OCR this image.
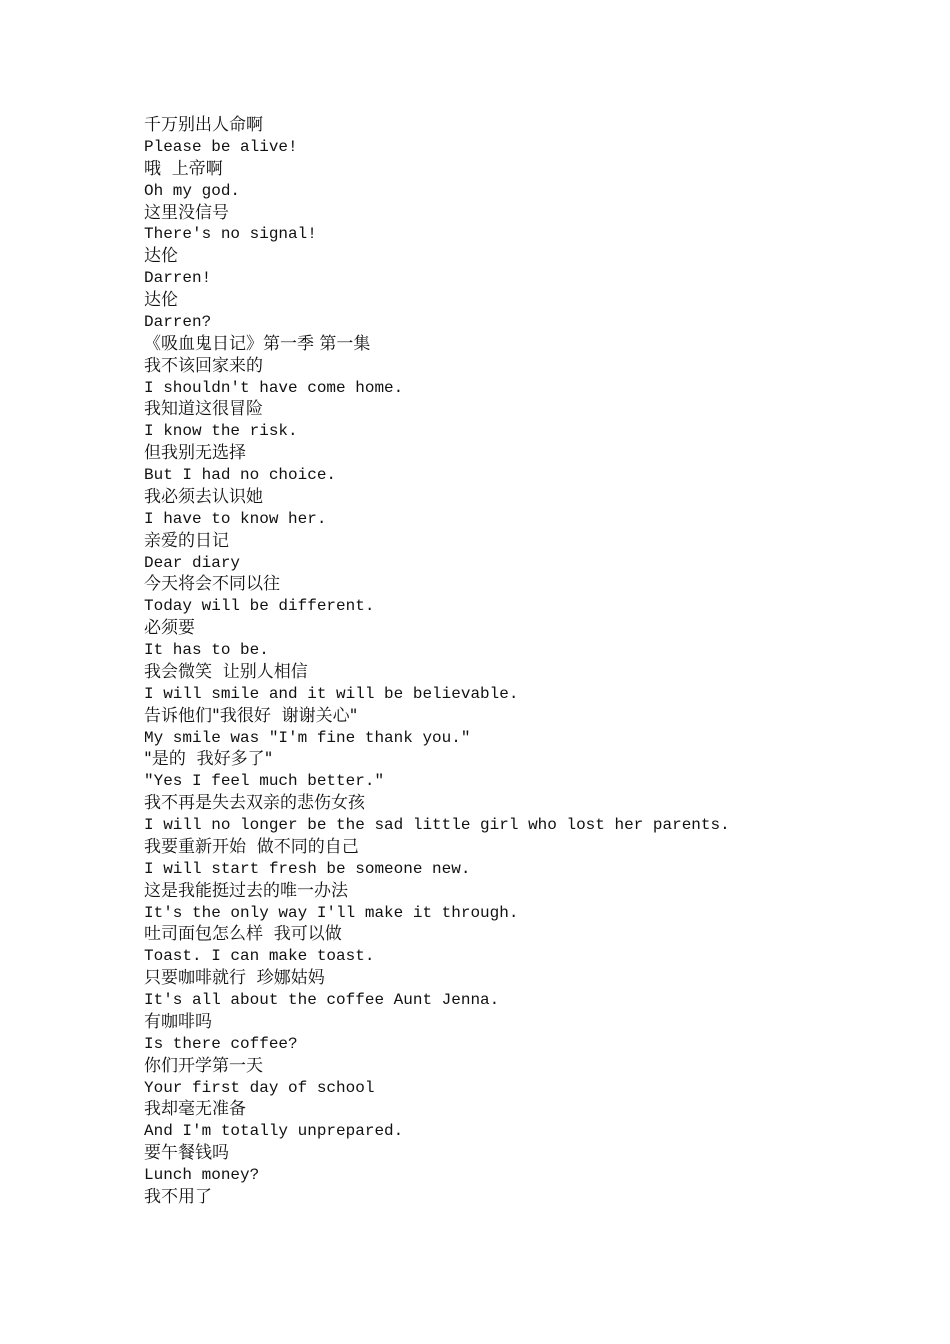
千万别出人命啊
Please be alive!
哦  上帝啊
Oh my god.
这里没信号
There's no signal!
达伦
Darren!
达伦
Darren?
《吸血鬼日记》第一季 第一集
我不该回家来的
I shouldn't have come home.
我知道这很冒险
I know the risk.
但我别无选择
But I had no choice.
我必须去认识她
I have to know her.
亲爱的日记
Dear diary
今天将会不同以往
Today will be different.
必须要
It has to be.
我会微笑  让别人相信
I will smile and it will be believable.
告诉他们"我很好  谢谢关心"
My smile was "I'm fine thank you."
"是的  我好多了"
"Yes I feel much better."
我不再是失去双亲的悲伤女孩
I will no longer be the sad little girl who lost her parents.
我要重新开始  做不同的自己
I will start fresh be someone new.
这是我能挺过去的唯一办法
It's the only way I'll make it through.
吐司面包怎么样  我可以做
Toast. I can make toast.
只要咖啡就行  珍娜姑妈
It's all about the coffee Aunt Jenna.
有咖啡吗
Is there coffee?
你们开学第一天
Your first day of school
我却毫无准备
And I'm totally unprepared.
要午餐钱吗
Lunch money?
我不用了
